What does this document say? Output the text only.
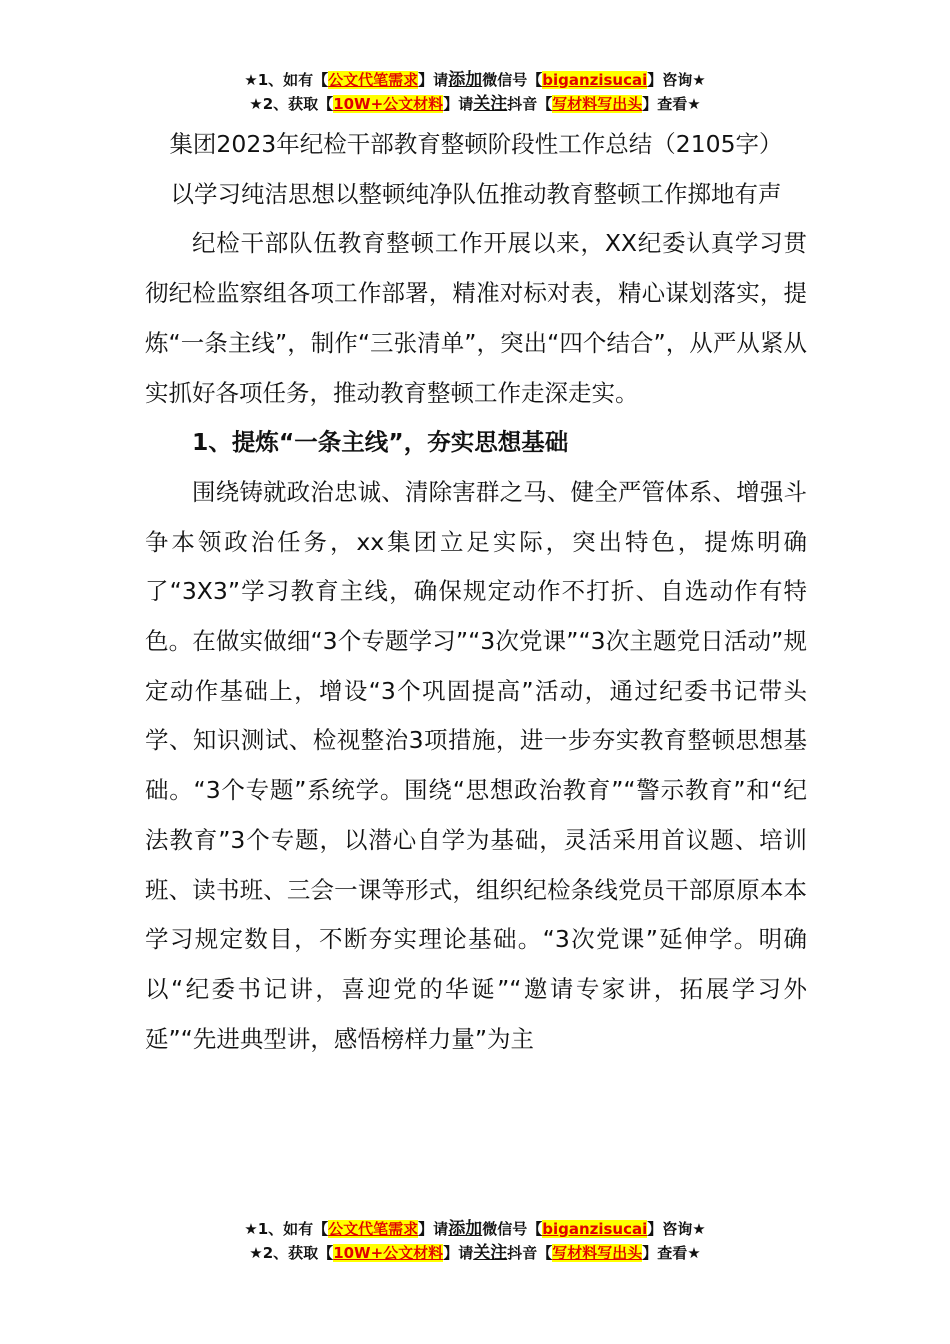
★1、如有【公文代笔需求】请添加微信号【biganzisucai】咨询★
★2、获取【10W+公文材料】请关注抖音【写材料写出头】查看★

集团2023年纪检干部教育整顿阶段性工作总结（2105字）

以学习纯洁思想以整顿纯净队伍推动教育整顿工作掷地有声

纪检干部队伍教育整顿工作开展以来，XX纪委认真学习贯彻纪检监察组各项工作部署，精准对标对表，精心谋划落实，提炼“一条主线”，制作“三张清单”，突出“四个结合”，从严从紧从实抓好各项任务，推动教育整顿工作走深走实。

1、提炼“一条主线”，夯实思想基础

围绕铸就政治忠诚、清除害群之马、健全严管体系、增强斗争本领政治任务，xx集团立足实际，突出特色，提炼明确了“3X3”学习教育主线，确保规定动作不打折、自选动作有特色。在做实做细“3个专题学习”“3次党课”“3次主题党日活动”规定动作基础上，增设“3个巩固提高”活动，通过纪委书记带头学、知识测试、检视整治3项措施，进一步夯实教育整顿思想基础。“3个专题”系统学。围绕“思想政治教育”“警示教育”和“纪法教育”3个专题，以潜心自学为基础，灵活采用首议题、培训班、读书班、三会一课等形式，组织纪检条线党员干部原原本本学习规定数目，不断夯实理论基础。“3次党课”延伸学。明确以“纪委书记讲，喜迎党的华诞”“邀请专家讲，拓展学习外延”“先进典型讲，感悟榜样力量”为主

★1、如有【公文代笔需求】请添加微信号【biganzisucai】咨询★
★2、获取【10W+公文材料】请关注抖音【写材料写出头】查看★
